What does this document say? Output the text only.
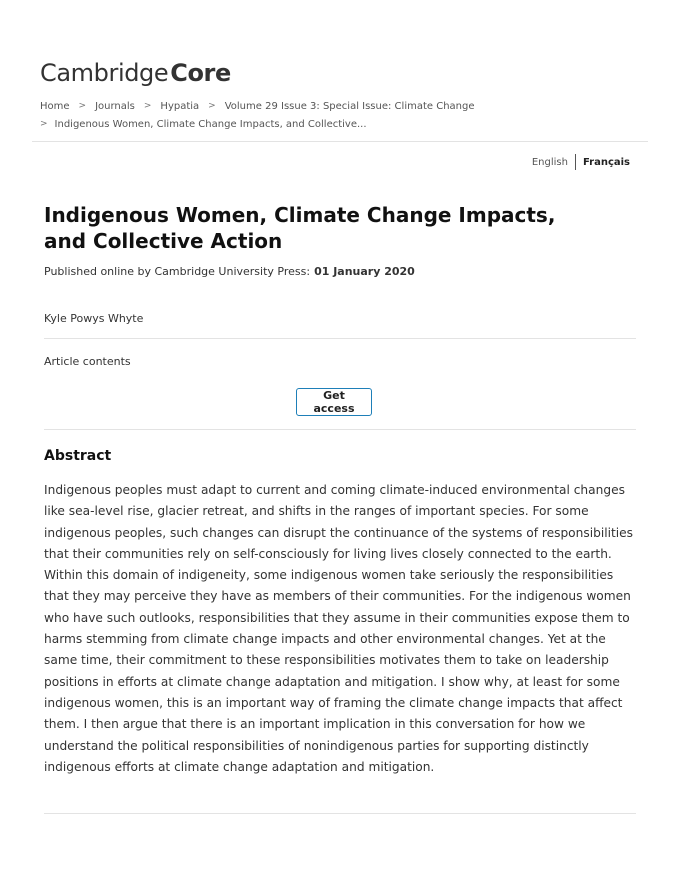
CambridgeCore
Home > Journals > Hypatia > Volume 29 Issue 3: Special Issue: Climate Change
> Indigenous Women, Climate Change Impacts, and Collective...
English Français
Indigenous Women, Climate Change Impacts, and Collective Action
Published online by Cambridge University Press: 01 January 2020
Kyle Powys Whyte
Article contents
Get access
Abstract

Indigenous peoples must adapt to current and coming climate-induced environmental changes like sea-level rise, glacier retreat, and shifts in the ranges of important species. For some indigenous peoples, such changes can disrupt the continuance of the systems of responsibilities that their communities rely on self-consciously for living lives closely connected to the earth. Within this domain of indigeneity, some indigenous women take seriously the responsibilities that they may perceive they have as members of their communities. For the indigenous women who have such outlooks, responsibilities that they assume in their communities expose them to harms stemming from climate change impacts and other environmental changes. Yet at the same time, their commitment to these responsibilities motivates them to take on leadership positions in efforts at climate change adaptation and mitigation. I show why, at least for some indigenous women, this is an important way of framing the climate change impacts that affect them. I then argue that there is an important implication in this conversation for how we understand the political responsibilities of nonindigenous parties for supporting distinctly indigenous efforts at climate change adaptation and mitigation.
